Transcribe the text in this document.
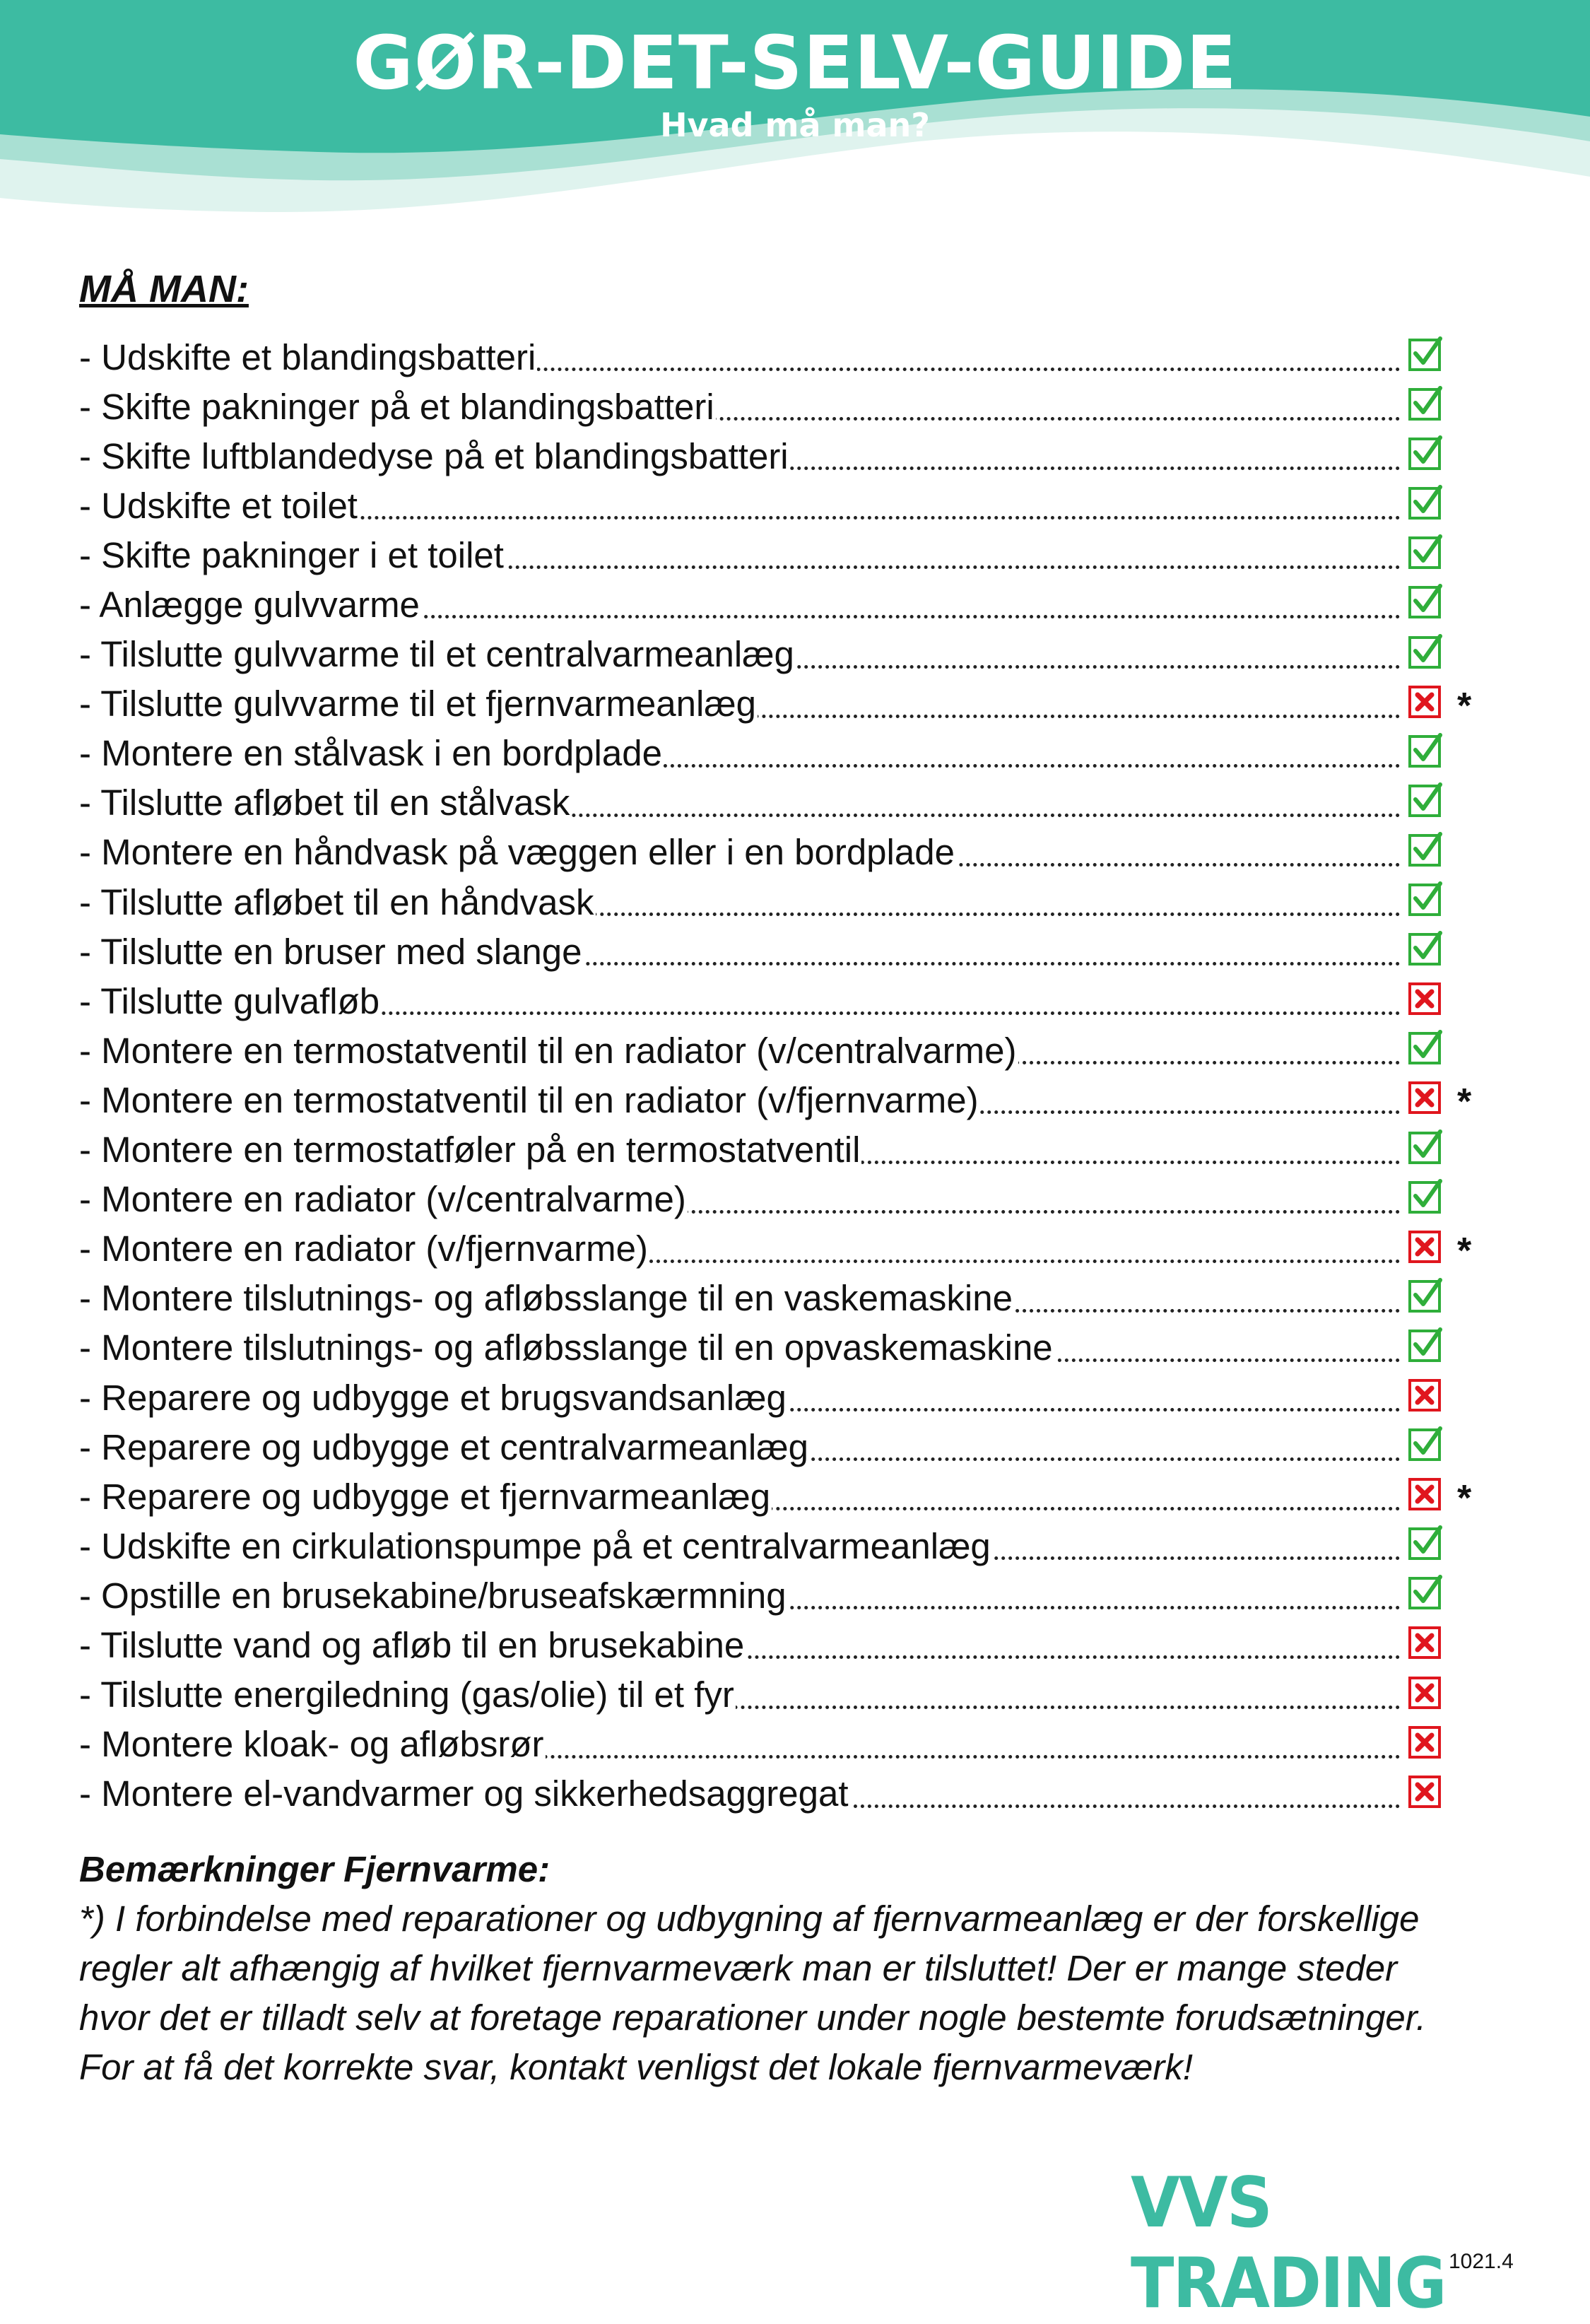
GØR-DET-SELV-GUIDE
Hvad må man?
MÅ MAN:
- Udskifte et blandingsbatteri
- Skifte pakninger på et blandingsbatteri
- Skifte luftblandedyse på et blandingsbatteri
- Udskifte et toilet
- Skifte pakninger i et toilet
- Anlægge gulvvarme
- Tilslutte gulvvarme til et centralvarmeanlæg
- Tilslutte gulvvarme til et fjernvarmeanlæg	*
- Montere en stålvask i en bordplade
- Tilslutte afløbet til en stålvask
- Montere en håndvask på væggen eller i en bordplade
- Tilslutte afløbet til en håndvask
- Tilslutte en bruser med slange
- Tilslutte gulvafløb
- Montere en termostatventil til en radiator (v/centralvarme)
- Montere en termostatventil til en radiator (v/fjernvarme)	*
- Montere en termostatføler på en termostatventil
- Montere en radiator (v/centralvarme)
- Montere en radiator (v/fjernvarme)	*
- Montere tilslutnings- og afløbsslange til en vaskemaskine
- Montere tilslutnings- og afløbsslange til en opvaskemaskine
- Reparere og udbygge et brugsvandsanlæg
- Reparere og udbygge et centralvarmeanlæg
- Reparere og udbygge et fjernvarmeanlæg	*
- Udskifte en cirkulationspumpe på et centralvarmeanlæg
- Opstille en brusekabine/bruseafskærmning
- Tilslutte vand og afløb til en brusekabine
- Tilslutte energiledning (gas/olie) til et fyr
- Montere kloak- og afløbsrør
- Montere el-vandvarmer og sikkerhedsaggregat
Bemærkninger Fjernvarme:
*) I forbindelse med reparationer og udbygning af fjernvarmeanlæg er der forskellige
regler alt afhængig af hvilket fjernvarmeværk man er tilsluttet! Der er mange steder
hvor det er tilladt selv at foretage reparationer under nogle bestemte forudsætninger.
For at få det korrekte svar, kontakt venligst det lokale fjernvarmeværk!
VVS TRADING 1021.4
